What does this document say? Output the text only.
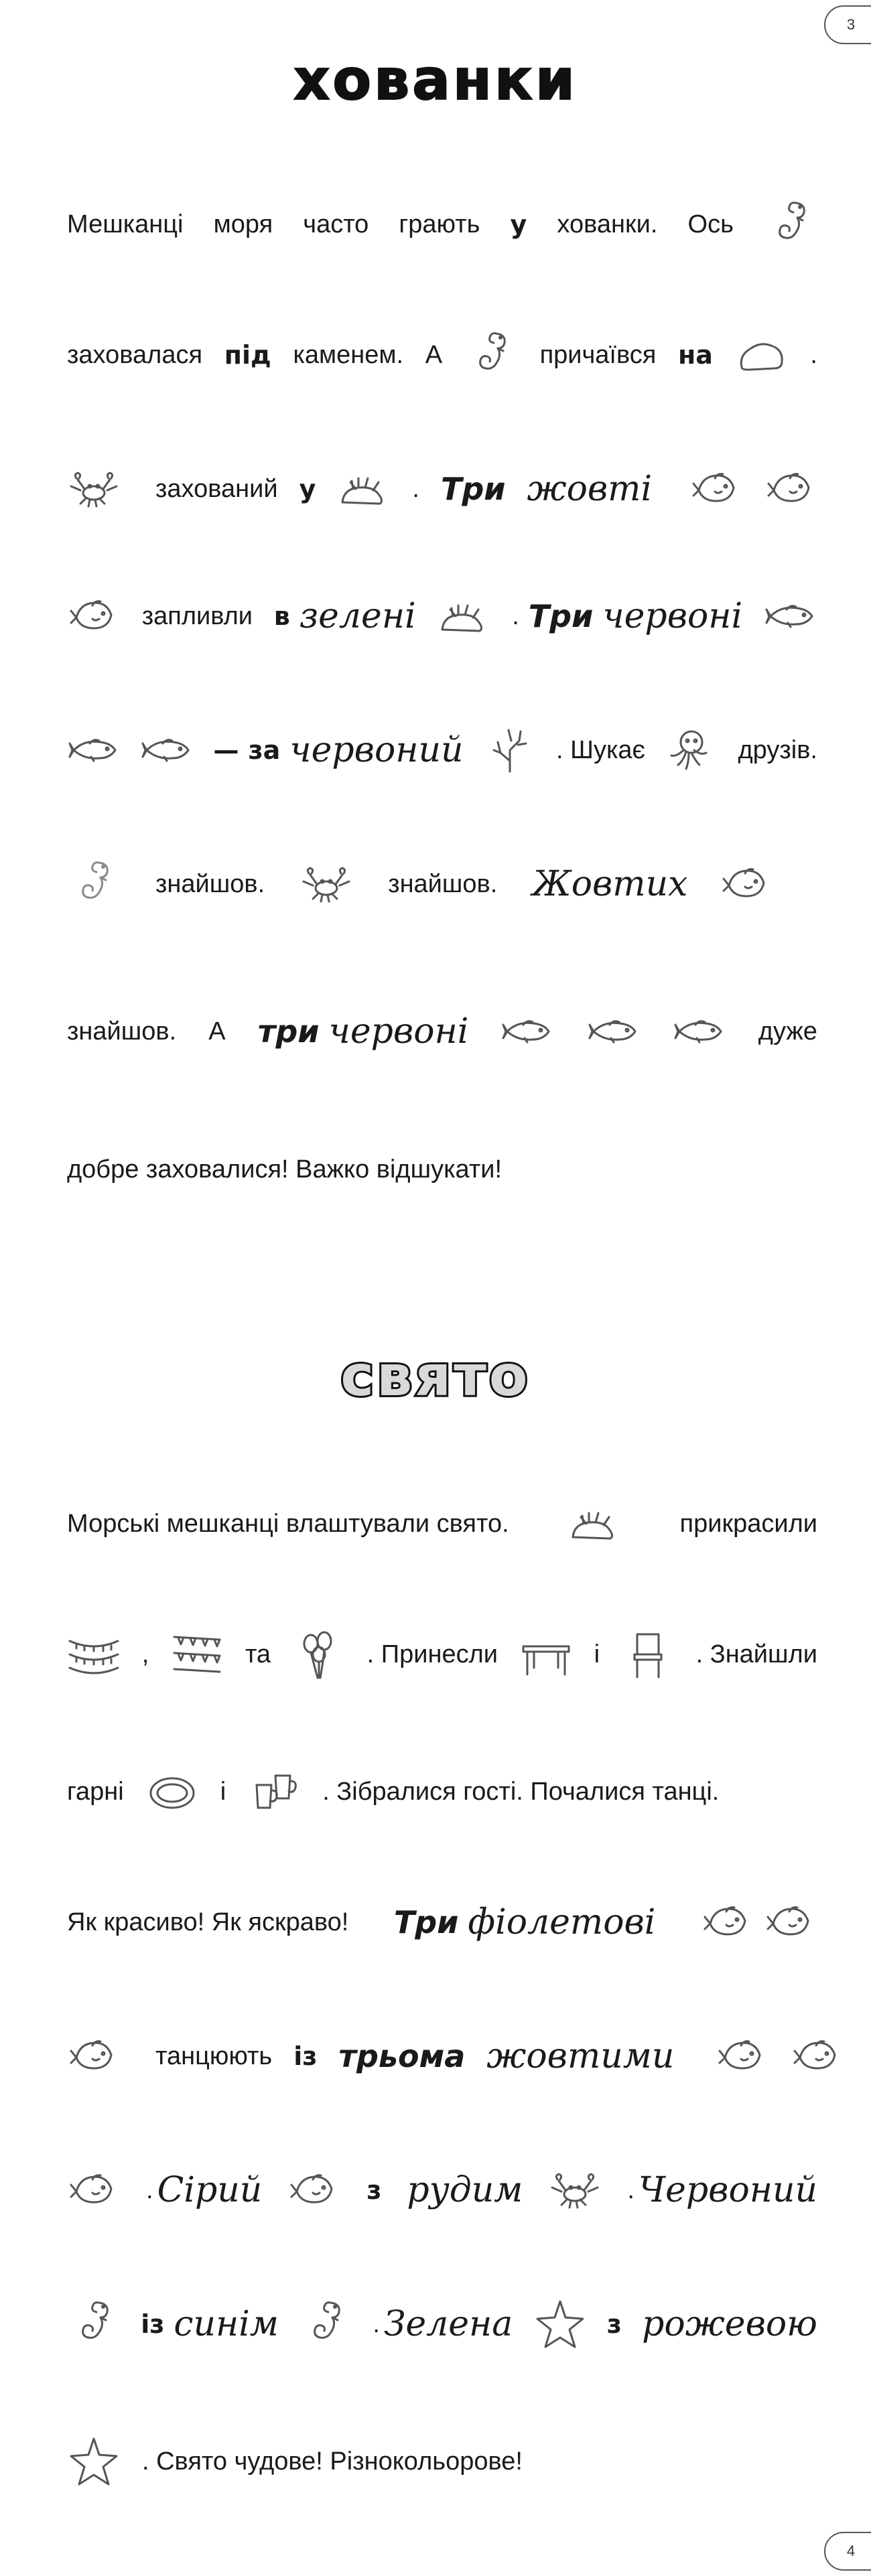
3
хованки
Мешканці моря часто грають у хованки. Ось
заховалася під каменем. А	причаївся на	.
захований у	. Три жовті
запливли в зелені	. Три червоні
— за червоний	. Шукає	друзів.
знайшов.	знайшов. Жовтих
знайшов. А три червоні	дуже
добре заховалися! Важко відшукати!
свято
Морські мешканці влаштували свято.	прикрасили
,	та	. Принесли	і	. Знайшли
гарні	і	. Зібралися гості. Почалися танці.
Як красиво! Як яскраво! Три фіолетові
танцюють із трьома жовтими
. Сірий	з рудим	. Червоний
із синім	. Зелена	з рожевою
. Свято чудове! Різнокольорове!
4
